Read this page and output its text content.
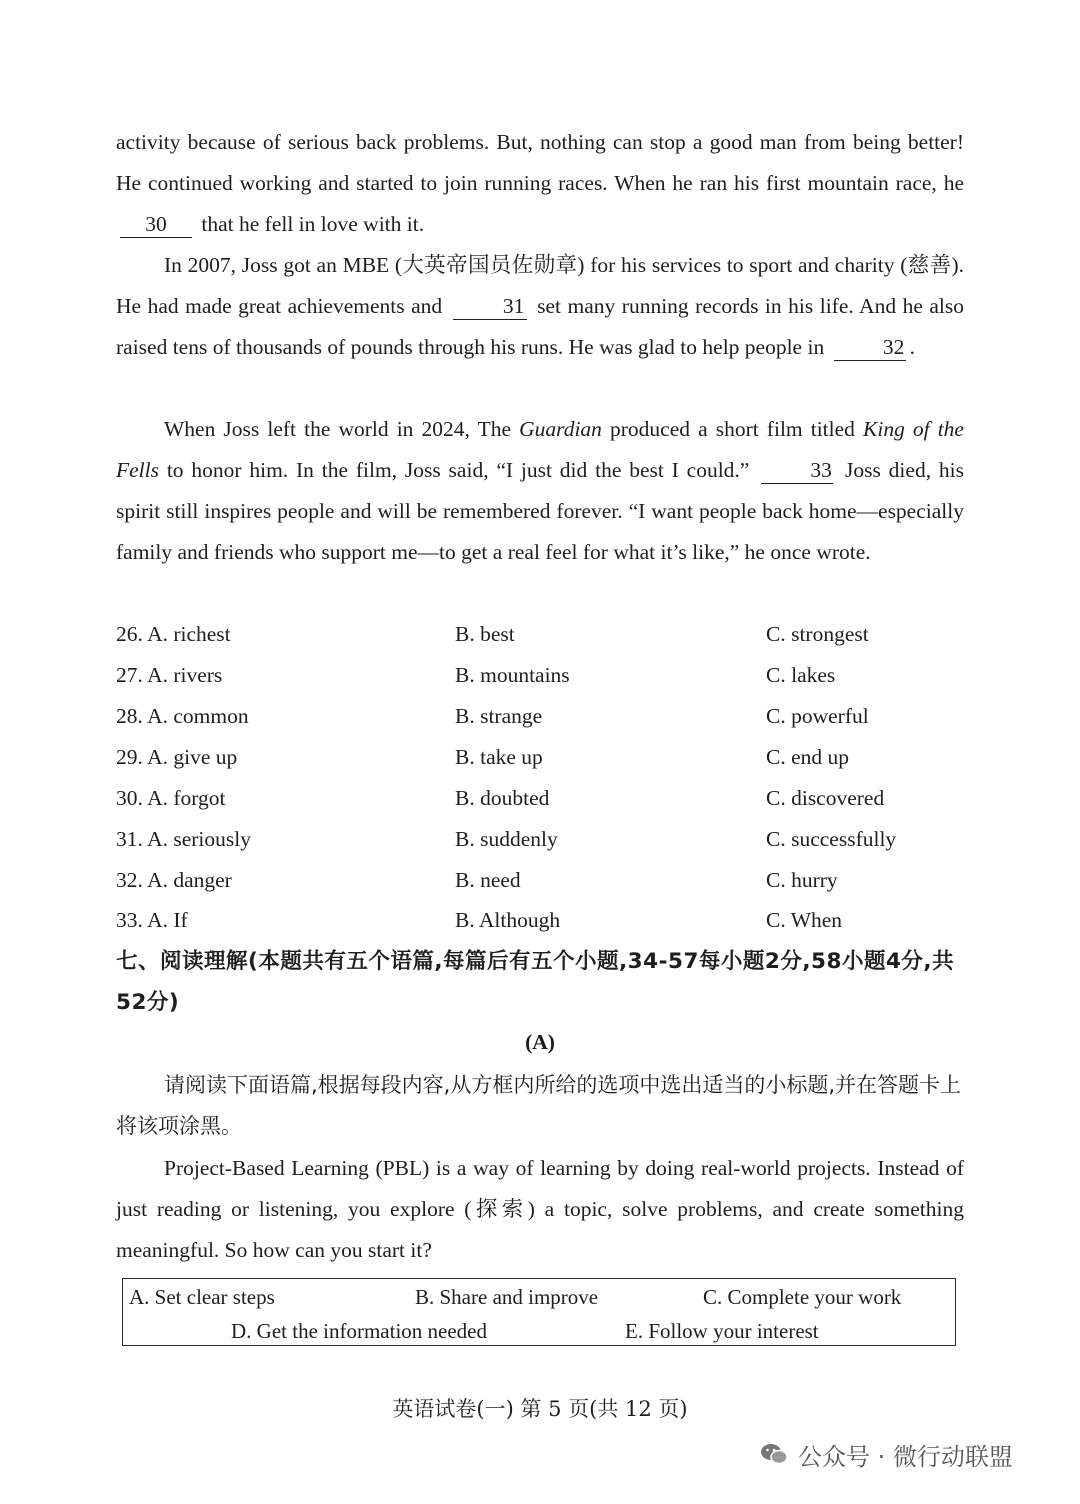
activity because of serious back problems. But, nothing can stop a good man from being better! He continued working and started to join running races. When he ran his first mountain race, he 30 that he fell in love with it.

In 2007, Joss got an MBE (大英帝国员佐勋章) for his services to sport and charity (慈善). He had made great achievements and	31 set many running records in his life. And he also raised tens of thousands of pounds through his runs. He was glad to help people in 32 .

When Joss left the world in 2024, The Guardian produced a short film titled King of the Fells to honor him. In the film, Joss said, “I just did the best I could.” 33 Joss died, his spirit still inspires people and will be remembered forever. “I want people back home—especially family and friends who support me—to get a real feel for what it’s like,” he once wrote.

26. A. richest	B. best	C. strongest
27. A. rivers	B. mountains	C. lakes
28. A. common	B. strange	C. powerful
29. A. give up	B. take up	C. end up
30. A. forgot	B. doubted	C. discovered
31. A. seriously	B. suddenly	C. successfully
32. A. danger	B. need	C. hurry
33. A. If	B. Although	C. When

七、阅读理解(本题共有五个语篇,每篇后有五个小题,34-57每小题2分,58小题4分,共52分)

(A)

请阅读下面语篇,根据每段内容,从方框内所给的选项中选出适当的小标题,并在答题卡上将该项涂黑。

Project-Based Learning (PBL) is a way of learning by doing real-world projects. Instead of just reading or listening, you explore (探索) a topic, solve problems, and create something meaningful. So how can you start it?

A. Set clear steps	B. Share and improve	C. Complete your work
D. Get the information needed	E. Follow your interest
英语试卷(一) 第 5 页(共 12 页)
公众号 · 微行动联盟
